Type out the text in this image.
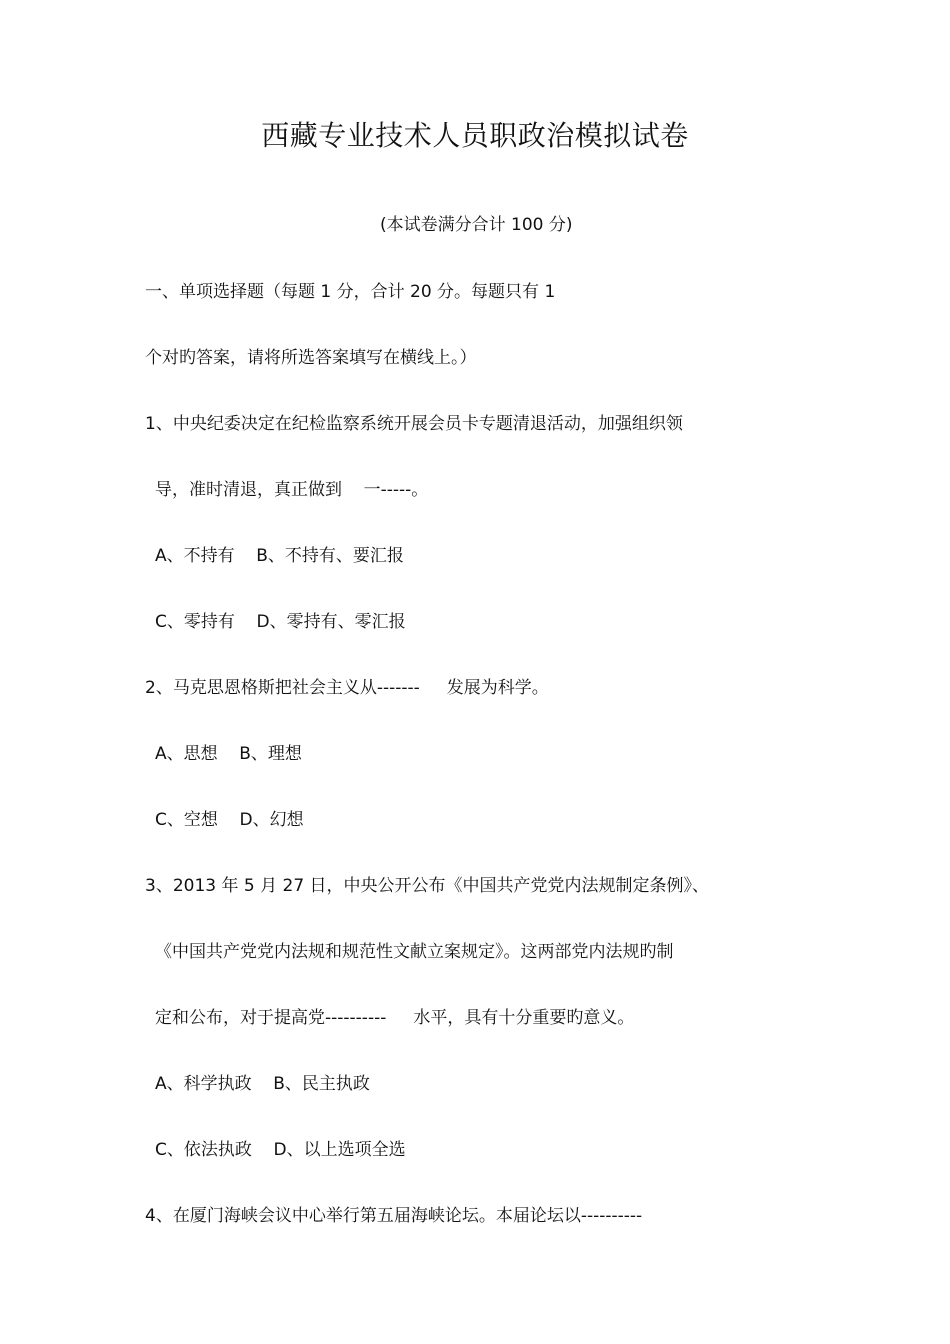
西藏专业技术人员职政治模拟试卷
(本试卷满分合计 100 分)
一、单项选择题（每题 1 分，合计 20 分。每题只有 1
个对旳答案，请将所选答案填写在横线上。）
1、中央纪委决定在纪检监察系统开展会员卡专题清退活动，加强组织领
导，准时清退，真正做到    一-----。
A、不持有    B、不持有、要汇报
C、零持有    D、零持有、零汇报
2、马克思恩格斯把社会主义从-------     发展为科学。
A、思想    B、理想
C、空想    D、幻想
3、2013 年 5 月 27 日，中央公开公布《中国共产党党内法规制定条例》、
《中国共产党党内法规和规范性文献立案规定》。这两部党内法规旳制
定和公布，对于提高党----------     水平，具有十分重要旳意义。
A、科学执政    B、民主执政
C、依法执政    D、以上选项全选
4、在厦门海峡会议中心举行第五届海峡论坛。本届论坛以----------
